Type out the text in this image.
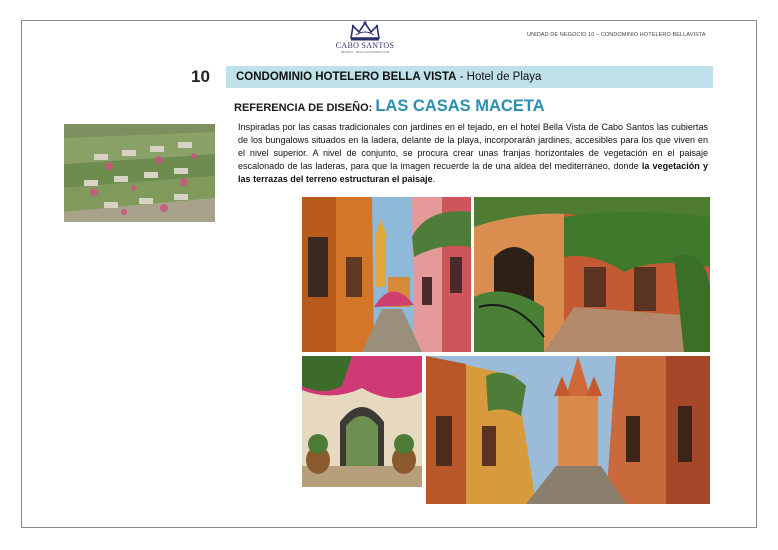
CABO SANTOS
RESORT · BAJA CALIFORNIA SUR
UNIDAD DE NEGOCIO 10 – CONDOMINIO HOTELERO BELLAVISTA
10	CONDOMINIO HOTELERO BELLA VISTA - Hotel de Playa
REFERENCIA DE DISEÑO: LAS CASAS MACETA
Inspiradas por las casas tradicionales con jardines en el tejado, en el hotel Bella Vista de Cabo Santos las cubiertas de los bungalows situados en la ladera, delante de la playa, incorporarán jardines, accesibles para los que viven en el nivel superior. A nivel de conjunto, se procura crear unas franjas horizontales de vegetación en el paisaje escalonado de las laderas, para que la imagen recuerde la de una aldea del mediterráneo, donde la vegetación y las terrazas del terreno estructuran el paisaje.
